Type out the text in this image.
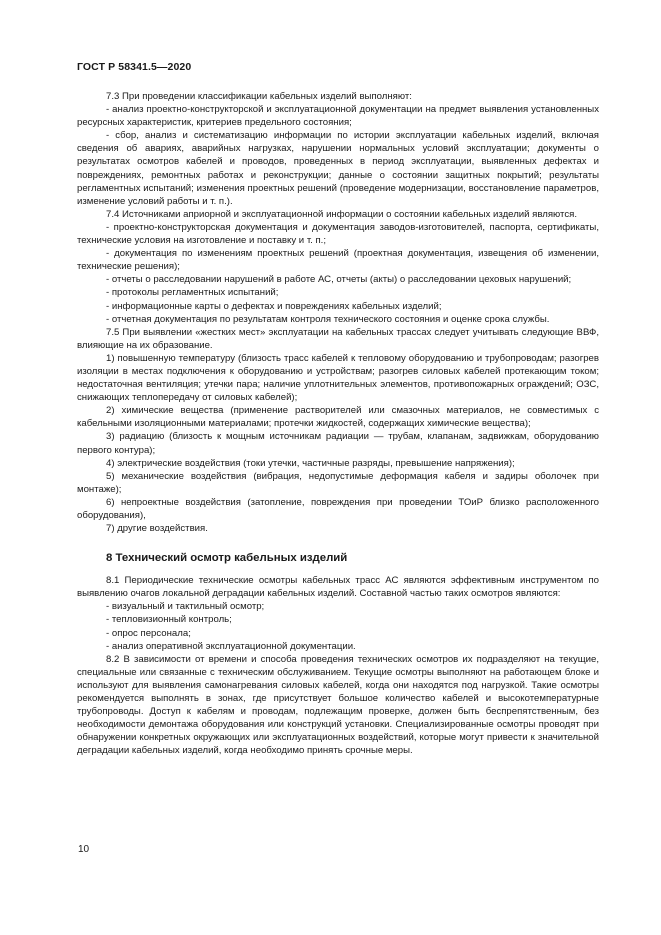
ГОСТ Р 58341.5—2020

7.3 При проведении классификации кабельных изделий выполняют:

- анализ проектно-конструкторской и эксплуатационной документации на предмет выявления установленных ресурсных характеристик, критериев предельного состояния;

- сбор, анализ и систематизацию информации по истории эксплуатации кабельных изделий, включая сведения об авариях, аварийных нагрузках, нарушении нормальных условий эксплуатации; документы о результатах осмотров кабелей и проводов, проведенных в период эксплуатации, выявленных дефектах и повреждениях, ремонтных работах и реконструкции; данные о состоянии защитных покрытий; результаты регламентных испытаний; изменения проектных решений (проведение модернизации, восстановление параметров, изменение условий работы и т. п.).

7.4 Источниками априорной и эксплуатационной информации о состоянии кабельных изделий являются.

- проектно-конструкторская документация и документация заводов-изготовителей, паспорта, сертификаты, технические условия на изготовление и поставку и т. п.;

- документация по изменениям проектных решений (проектная документация, извещения об изменении, технические решения);

- отчеты о расследовании нарушений в работе АС, отчеты (акты) о расследовании цеховых нарушений;

- протоколы регламентных испытаний;

- информационные карты о дефектах и повреждениях кабельных изделий;

- отчетная документация по результатам контроля технического состояния и оценке срока службы.

7.5 При выявлении «жестких мест» эксплуатации на кабельных трассах следует учитывать следующие ВВФ, влияющие на их образование.

1) повышенную температуру (близость трасс кабелей к тепловому оборудованию и трубопроводам; разогрев изоляции в местах подключения к оборудованию и устройствам; разогрев силовых кабелей протекающим током; недостаточная вентиляция; утечки пара; наличие уплотнительных элементов, противопожарных ограждений; ОЗС, снижающих теплопередачу от силовых кабелей);

2) химические вещества (применение растворителей или смазочных материалов, не совместимых с кабельными изоляционными материалами; протечки жидкостей, содержащих химические вещества);

3) радиацию (близость к мощным источникам радиации — трубам, клапанам, задвижкам, оборудованию первого контура);

4) электрические воздействия (токи утечки, частичные разряды, превышение напряжения);

5) механические воздействия (вибрация, недопустимые деформация кабеля и задиры оболочек при монтаже);

6) непроектные воздействия (затопление, повреждения при проведении ТОиР близко расположенного оборудования),

7) другие воздействия.

8 Технический осмотр кабельных изделий

8.1 Периодические технические осмотры кабельных трасс АС являются эффективным инструментом по выявлению очагов локальной деградации кабельных изделий. Составной частью таких осмотров являются:

- визуальный и тактильный осмотр;

- тепловизионный контроль;

- опрос персонала;

- анализ оперативной эксплуатационной документации.

8.2 В зависимости от времени и способа проведения технических осмотров их подразделяют на текущие, специальные или связанные с техническим обслуживанием. Текущие осмотры выполняют на работающем блоке и используют для выявления самонагревания силовых кабелей, когда они находятся под нагрузкой. Такие осмотры рекомендуется выполнять в зонах, где присутствует большое количество кабелей и высокотемпературные трубопроводы. Доступ к кабелям и проводам, подлежащим проверке, должен быть беспрепятственным, без необходимости демонтажа оборудования или конструкций установки. Специализированные осмотры проводят при обнаружении конкретных окружающих или эксплуатационных воздействий, которые могут привести к значительной деградации кабельных изделий, когда необходимо принять срочные меры.

10
